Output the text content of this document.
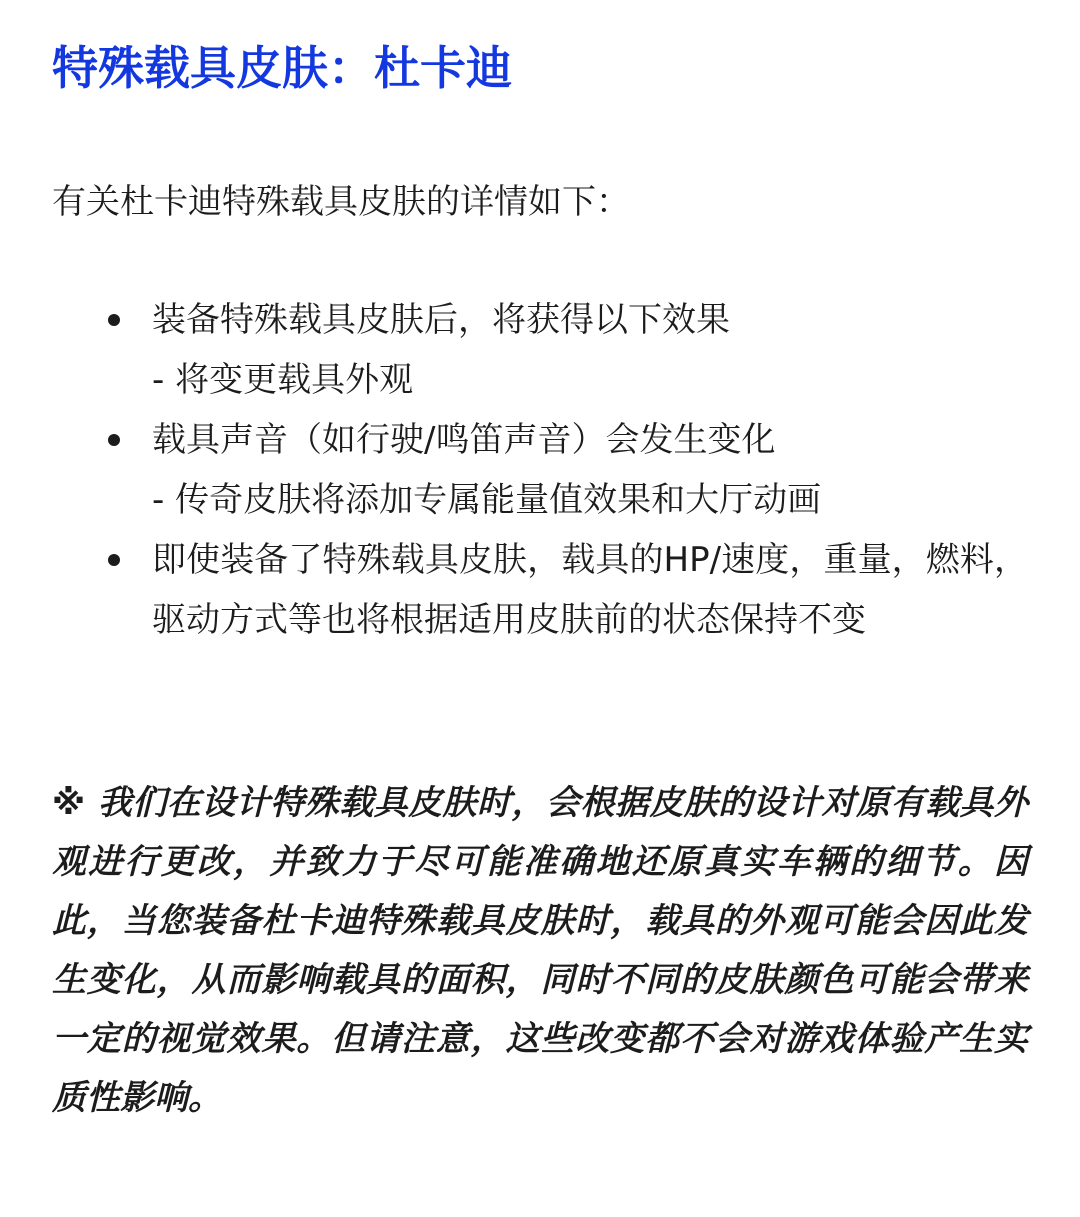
特殊载具皮肤：杜卡迪

有关杜卡迪特殊载具皮肤的详情如下：

装备特殊载具皮肤后，将获得以下效果
- 将变更载具外观
载具声音（如行驶/鸣笛声音）会发生变化
- 传奇皮肤将添加专属能量值效果和大厅动画
即使装备了特殊载具皮肤，载具的HP/速度，重量，燃料，驱动方式等也将根据适用皮肤前的状态保持不变

※ 我们在设计特殊载具皮肤时，会根据皮肤的设计对原有载具外观进行更改，并致力于尽可能准确地还原真实车辆的细节。因此，当您装备杜卡迪特殊载具皮肤时，载具的外观可能会因此发生变化，从而影响载具的面积，同时不同的皮肤颜色可能会带来一定的视觉效果。但请注意，这些改变都不会对游戏体验产生实质性影响。
